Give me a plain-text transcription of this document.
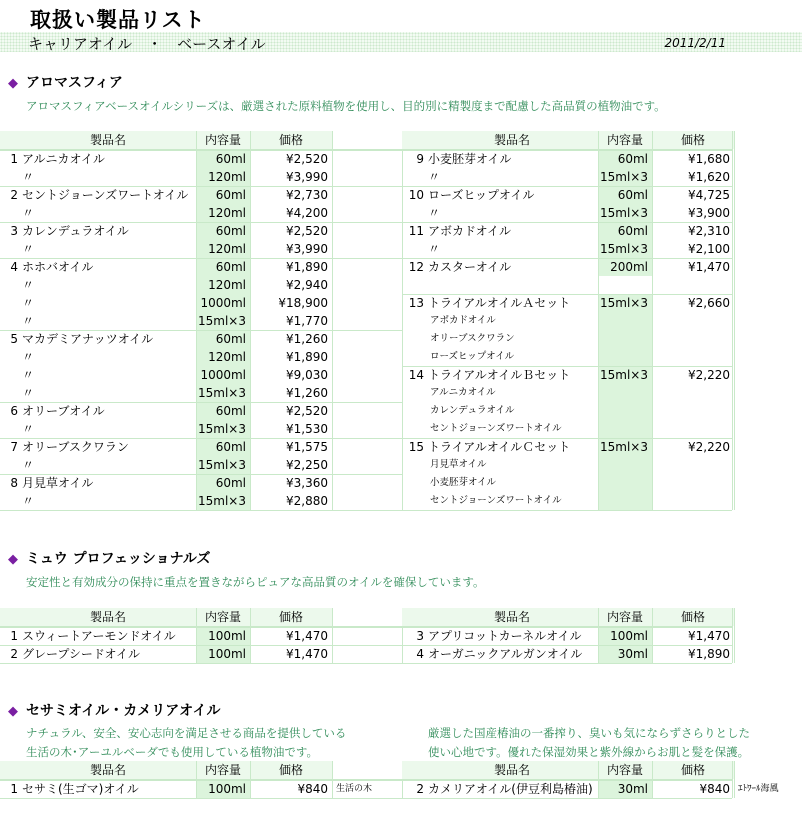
取扱い製品リスト
キャリアオイル　・　ベースオイル	2011/2/11
◆ アロマスフィア
アロマスフィアベースオイルシリーズは、厳選された原料植物を使用し、目的別に精製度まで配慮した高品質の植物油です。
製品名	内容量	価格
1 アルニカオイル	60ml	¥2,520
〃	120ml	¥3,990
2 セントジョーンズワートオイル	60ml	¥2,730
〃	120ml	¥4,200
3 カレンデュラオイル	60ml	¥2,520
〃	120ml	¥3,990
4 ホホバオイル	60ml	¥1,890
〃	120ml	¥2,940
〃	1000ml	¥18,900
〃	15ml×3	¥1,770
5 マカデミアナッツオイル	60ml	¥1,260
〃	120ml	¥1,890
〃	1000ml	¥9,030
〃	15ml×3	¥1,260
6 オリーブオイル	60ml	¥2,520
〃	15ml×3	¥1,530
7 オリーブスクワラン	60ml	¥1,575
〃	15ml×3	¥2,250
8 月見草オイル	60ml	¥3,360
〃	15ml×3	¥2,880
製品名	内容量	価格
9 小麦胚芽オイル	60ml	¥1,680
〃	15ml×3	¥1,620
10 ローズヒップオイル	60ml	¥4,725
〃	15ml×3	¥3,900
11 アボカドオイル	60ml	¥2,310
〃	15ml×3	¥2,100
12 カスターオイル	200ml	¥1,470
13 トライアルオイルＡセット	15ml×3	¥2,660
アボカドオイル
オリーブスクワラン
ローズヒップオイル
14 トライアルオイルＢセット	15ml×3	¥2,220
アルニカオイル
カレンデュラオイル
セントジョーンズワートオイル
15 トライアルオイルＣセット	15ml×3	¥2,220
月見草オイル
小麦胚芽オイル
セントジョーンズワートオイル
◆ ミュウ プロフェッショナルズ
安定性と有効成分の保持に重点を置きながらピュアな高品質のオイルを確保しています。
製品名	内容量	価格
1 スウィートアーモンドオイル	100ml	¥1,470
2 グレープシードオイル	100ml	¥1,470
製品名	内容量	価格
3 アプリコットカーネルオイル	100ml	¥1,470
4 オーガニックアルガンオイル	30ml	¥1,890
◆ セサミオイル・カメリアオイル
ナチュラル、安全、安心志向を満足させる商品を提供している
生活の木･アーユルベーダでも使用している植物油です。
厳選した国産椿油の一番搾り、臭いも気にならずさらりとした
使い心地です。優れた保湿効果と紫外線からお肌と髪を保護。
製品名	内容量	価格
1 セサミ(生ゴマ)オイル	100ml	¥840 生活の木
製品名	内容量	価格
2 カメリアオイル(伊豆利島椿油)	30ml	¥840 ｴﾄﾜｰﾙ海風
